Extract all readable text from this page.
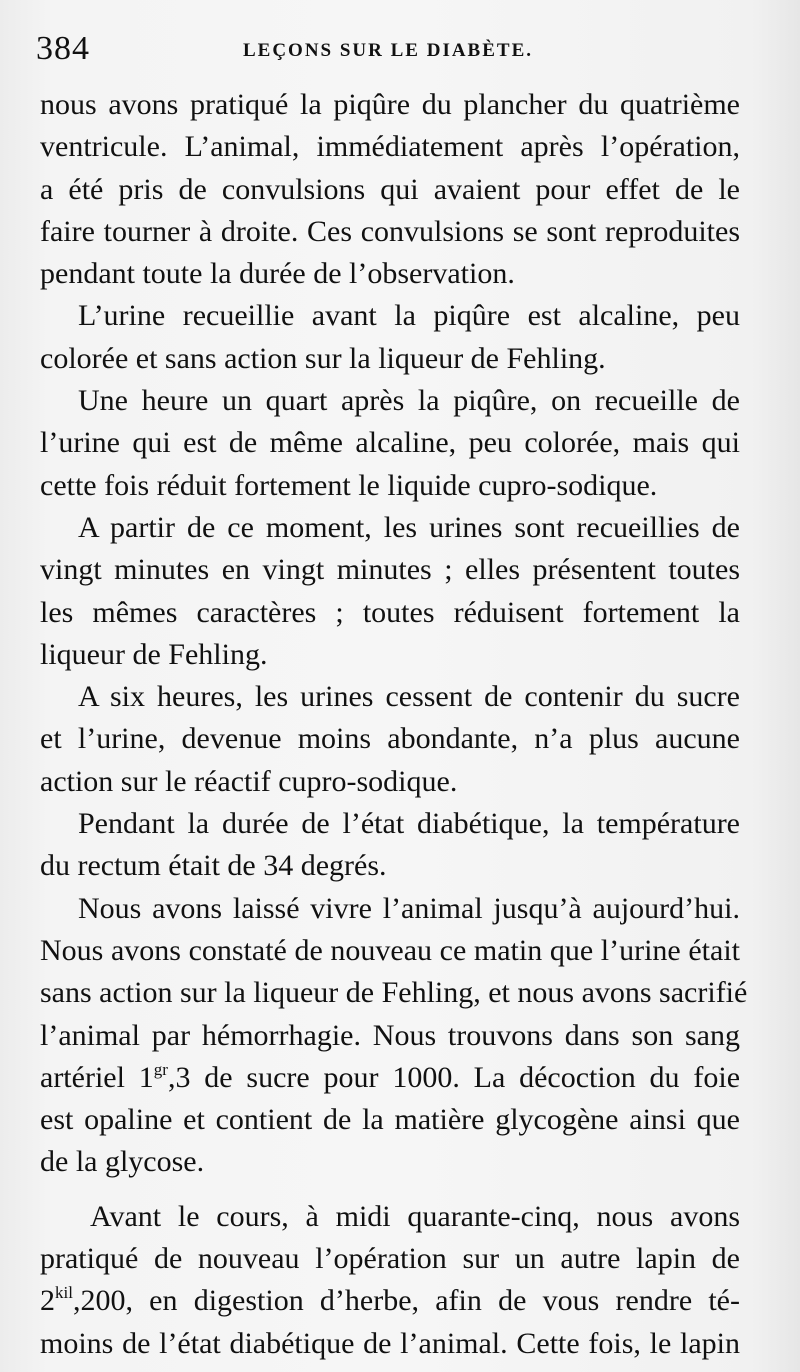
384	LEÇONS SUR LE DIABÈTE.
nous avons pratiqué la piqûre du plancher du quatrième
ventricule. L’animal, immédiatement après l’opération,
a été pris de convulsions qui avaient pour effet de le
faire tourner à droite. Ces convulsions se sont reproduites
pendant toute la durée de l’observation.
L’urine recueillie avant la piqûre est alcaline, peu
colorée et sans action sur la liqueur de Fehling.
Une heure un quart après la piqûre, on recueille de
l’urine qui est de même alcaline, peu colorée, mais qui
cette fois réduit fortement le liquide cupro-sodique.
A partir de ce moment, les urines sont recueillies de
vingt minutes en vingt minutes ; elles présentent toutes
les mêmes caractères ; toutes réduisent fortement la
liqueur de Fehling.
A six heures, les urines cessent de contenir du sucre
et l’urine, devenue moins abondante, n’a plus aucune
action sur le réactif cupro-sodique.
Pendant la durée de l’état diabétique, la température
du rectum était de 34 degrés.
Nous avons laissé vivre l’animal jusqu’à aujourd’hui.
Nous avons constaté de nouveau ce matin que l’urine était
sans action sur la liqueur de Fehling, et nous avons sacrifié
l’animal par hémorrhagie. Nous trouvons dans son sang
artériel $1^{gr},3$ de sucre pour 1000. La décoction du foie
est opaline et contient de la matière glycogène ainsi que
de la glycose.
Avant le cours, à midi quarante-cinq, nous avons
pratiqué de nouveau l’opération sur un autre lapin de
$2^{kil},200$, en digestion d’herbe, afin de vous rendre té-
moins de l’état diabétique de l’animal. Cette fois, le lapin
